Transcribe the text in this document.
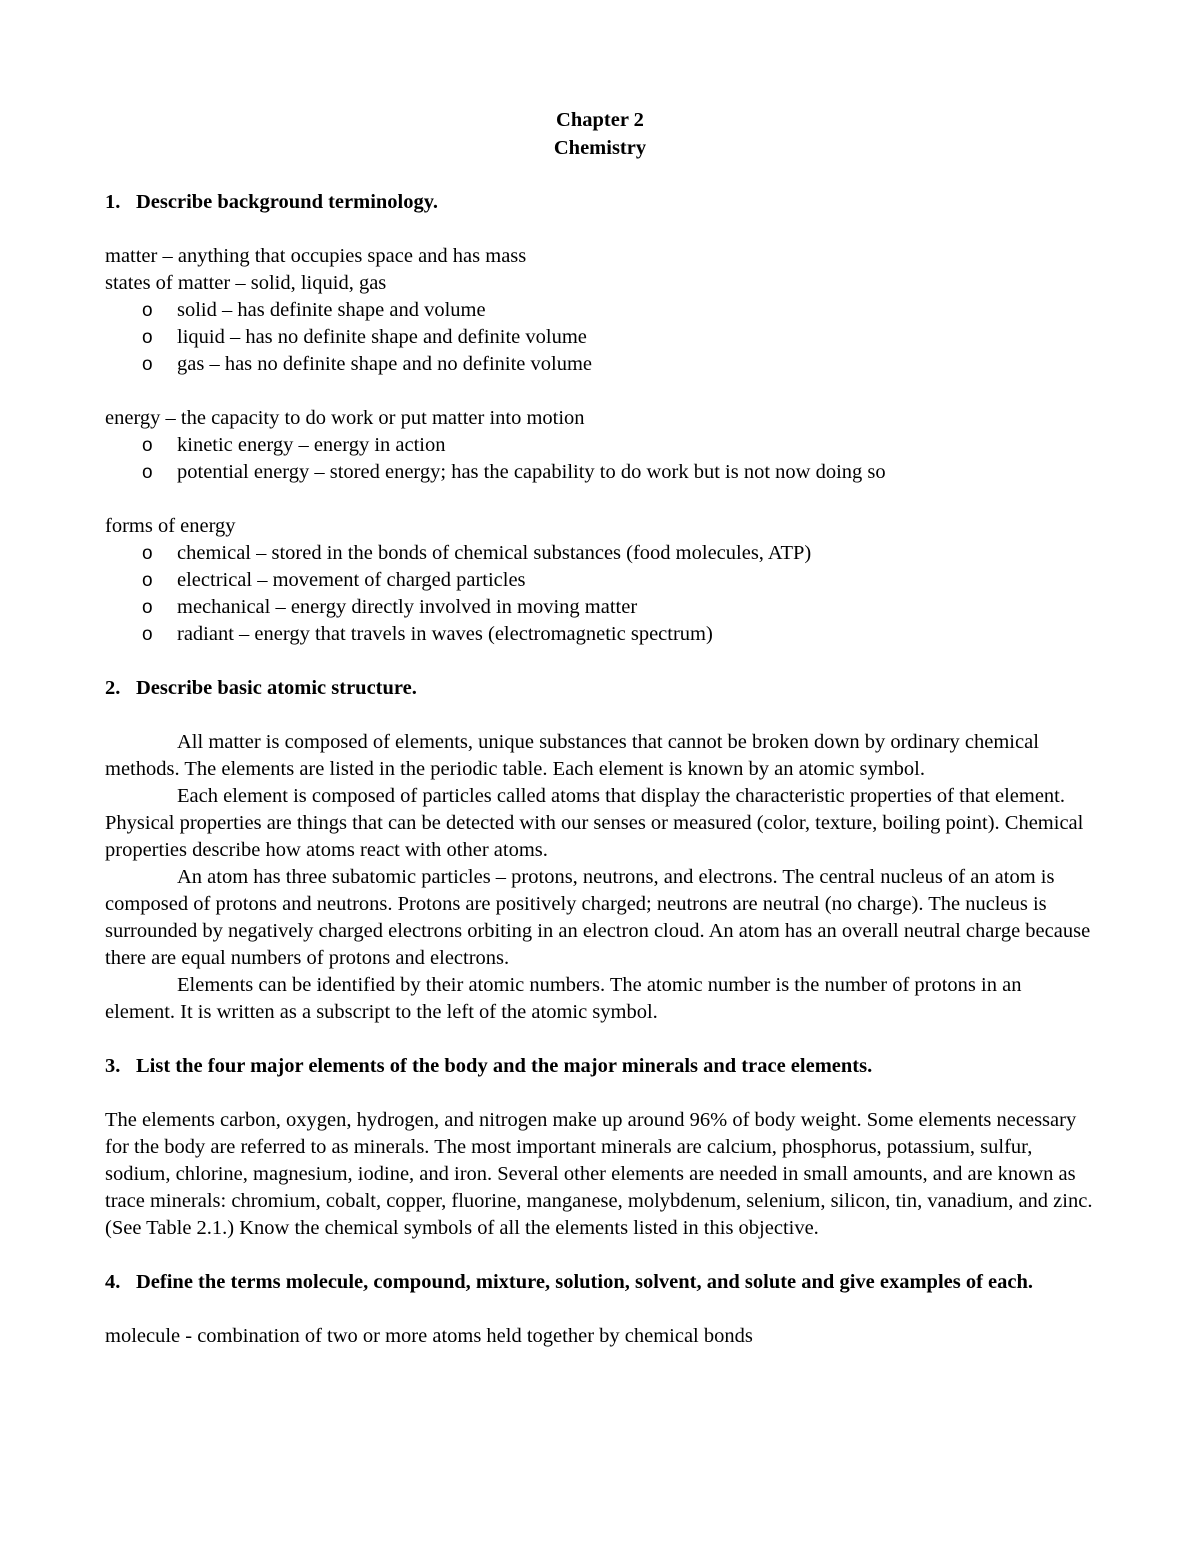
Chapter 2

Chemistry

1. Describe background terminology.

matter – anything that occupies space and has mass

states of matter – solid, liquid, gas

o solid – has definite shape and volume
o liquid – has no definite shape and definite volume
o gas – has no definite shape and no definite volume

energy – the capacity to do work or put matter into motion

o kinetic energy – energy in action
o potential energy – stored energy; has the capability to do work but is not now doing so

forms of energy

o chemical – stored in the bonds of chemical substances (food molecules, ATP)
o electrical – movement of charged particles
o mechanical – energy directly involved in moving matter
o radiant – energy that travels in waves (electromagnetic spectrum)

2. Describe basic atomic structure.

All matter is composed of elements, unique substances that cannot be broken down by ordinary chemical methods. The elements are listed in the periodic table. Each element is known by an atomic symbol.

Each element is composed of particles called atoms that display the characteristic properties of that element. Physical properties are things that can be detected with our senses or measured (color, texture, boiling point). Chemical properties describe how atoms react with other atoms.

An atom has three subatomic particles – protons, neutrons, and electrons. The central nucleus of an atom is composed of protons and neutrons. Protons are positively charged; neutrons are neutral (no charge). The nucleus is surrounded by negatively charged electrons orbiting in an electron cloud. An atom has an overall neutral charge because there are equal numbers of protons and electrons.

Elements can be identified by their atomic numbers. The atomic number is the number of protons in an element. It is written as a subscript to the left of the atomic symbol.

3. List the four major elements of the body and the major minerals and trace elements.

The elements carbon, oxygen, hydrogen, and nitrogen make up around 96% of body weight. Some elements necessary for the body are referred to as minerals. The most important minerals are calcium, phosphorus, potassium, sulfur, sodium, chlorine, magnesium, iodine, and iron. Several other elements are needed in small amounts, and are known as trace minerals: chromium, cobalt, copper, fluorine, manganese, molybdenum, selenium, silicon, tin, vanadium, and zinc. (See Table 2.1.) Know the chemical symbols of all the elements listed in this objective.

4. Define the terms molecule, compound, mixture, solution, solvent, and solute and give examples of each.

molecule - combination of two or more atoms held together by chemical bonds
